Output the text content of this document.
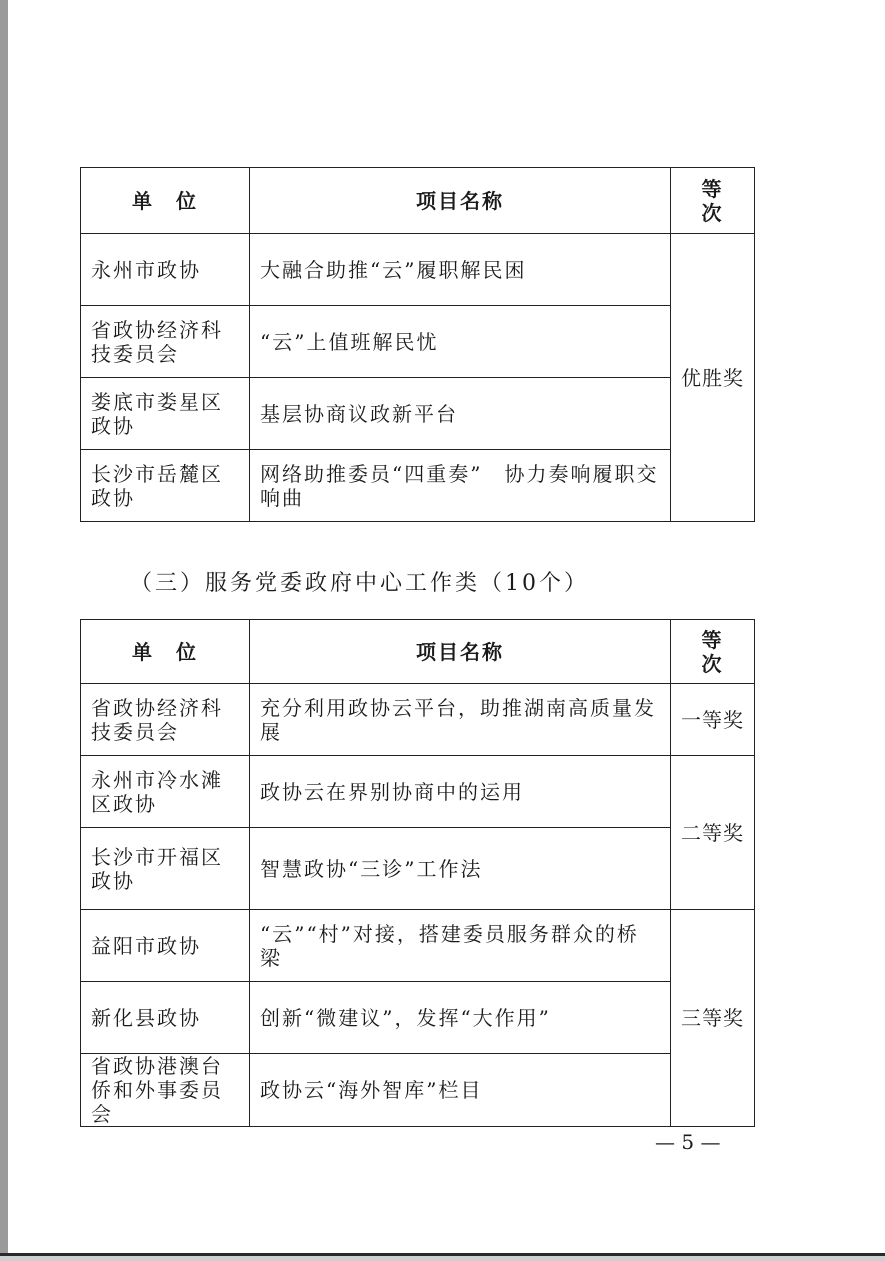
单　位	项目名称	等　次
永州市政协	大融合助推“云”履职解民困	优胜奖
省政协经济科技委员会	“云”上值班解民忧	
娄底市娄星区政协	基层协商议政新平台	
长沙市岳麓区政协	网络助推委员“四重奏”　协力奏响履职交响曲	
（三）服务党委政府中心工作类（10个）
单　位	项目名称	等　次
省政协经济科技委员会	充分利用政协云平台，助推湖南高质量发展	一等奖
永州市冷水滩区政协	政协云在界别协商中的运用	二等奖
长沙市开福区政协	智慧政协“三诊”工作法	
益阳市政协	“云”“村”对接，搭建委员服务群众的桥梁	三等奖
新化县政协	创新“微建议”，发挥“大作用”	
省政协港澳台侨和外事委员会	政协云“海外智库”栏目	
— 5 —
